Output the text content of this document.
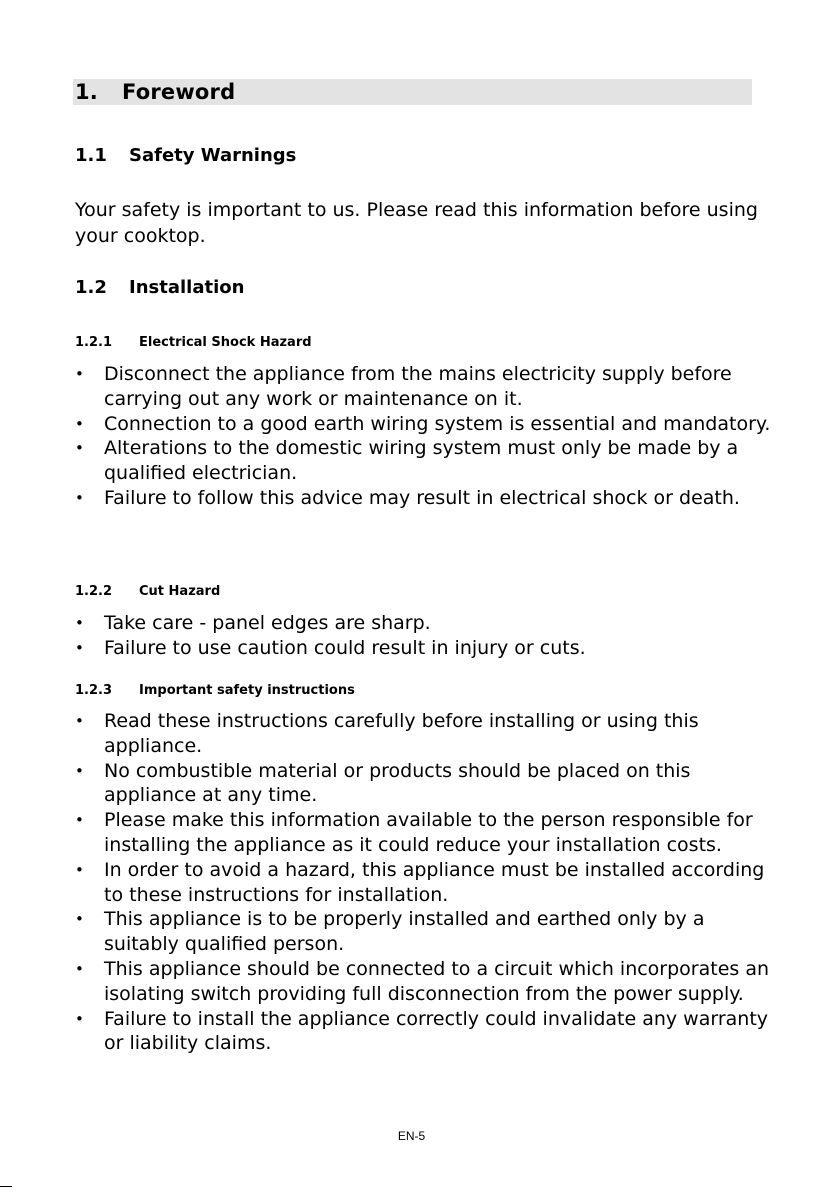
1. Foreword
1.1 Safety Warnings

Your safety is important to us. Please read this information before using your cooktop.

1.2 Installation
1.2.1 Electrical Shock Hazard
•	Disconnect the appliance from the mains electricity supply before carrying out any work or maintenance on it.
•	Connection to a good earth wiring system is essential and mandatory.
•	Alterations to the domestic wiring system must only be made by a qualified electrician.
•	Failure to follow this advice may result in electrical shock or death.
1.2.2 Cut Hazard
•	Take care - panel edges are sharp.
•	Failure to use caution could result in injury or cuts.
1.2.3 Important safety instructions
•	Read these instructions carefully before installing or using this appliance.
•	No combustible material or products should be placed on this appliance at any time.
•	Please make this information available to the person responsible for installing the appliance as it could reduce your installation costs.
•	In order to avoid a hazard, this appliance must be installed according to these instructions for installation.
•	This appliance is to be properly installed and earthed only by a suitably qualified person.
•	This appliance should be connected to a circuit which incorporates an isolating switch providing full disconnection from the power supply.
•	Failure to install the appliance correctly could invalidate any warranty or liability claims.
EN-5
